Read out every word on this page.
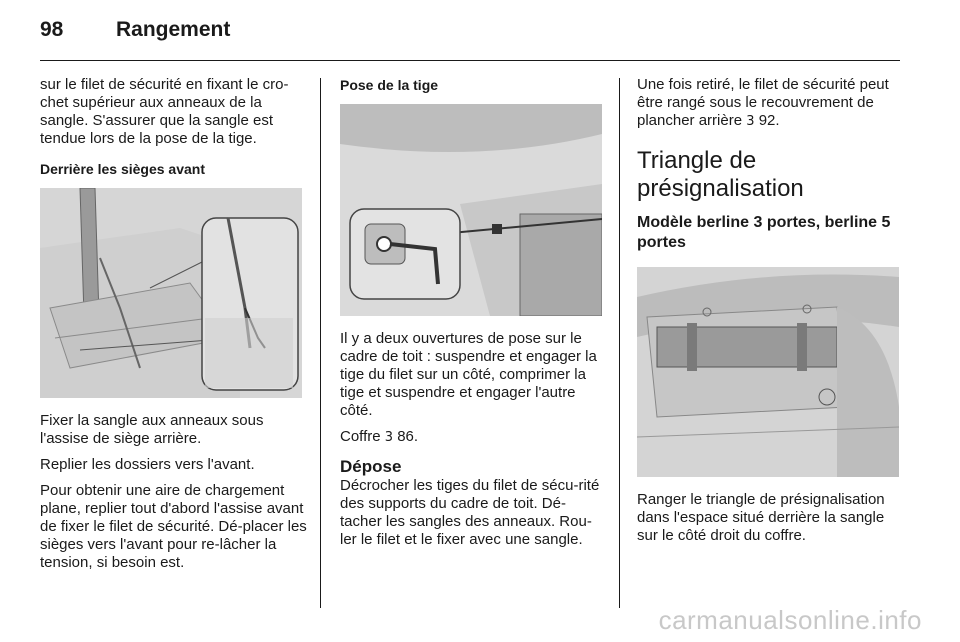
98	Rangement

sur le filet de sécurité en fixant le cro-chet supérieur aux anneaux de la sangle. S'assurer que la sangle est tendue lors de la pose de la tige.

Derrière les sièges avant

Fixer la sangle aux anneaux sous l'assise de siège arrière.

Replier les dossiers vers l'avant.

Pour obtenir une aire de chargement plane, replier tout d'abord l'assise avant de fixer le filet de sécurité. Dé-placer les sièges vers l'avant pour re-lâcher la tension, si besoin est.

Pose de la tige

Il y a deux ouvertures de pose sur le cadre de toit : suspendre et engager la tige du filet sur un côté, comprimer la tige et suspendre et engager l'autre côté.

Coffre 3 86.

Dépose

Décrocher les tiges du filet de sécu-rité des supports du cadre de toit. Dé-tacher les sangles des anneaux. Rou-ler le filet et le fixer avec une sangle.

Une fois retiré, le filet de sécurité peut être rangé sous le recouvrement de plancher arrière 3 92.

Triangle de présignalisation
Modèle berline 3 portes, berline 5 portes

Ranger le triangle de présignalisation dans l'espace situé derrière la sangle sur le côté droit du coffre.

carmanualsonline.info
